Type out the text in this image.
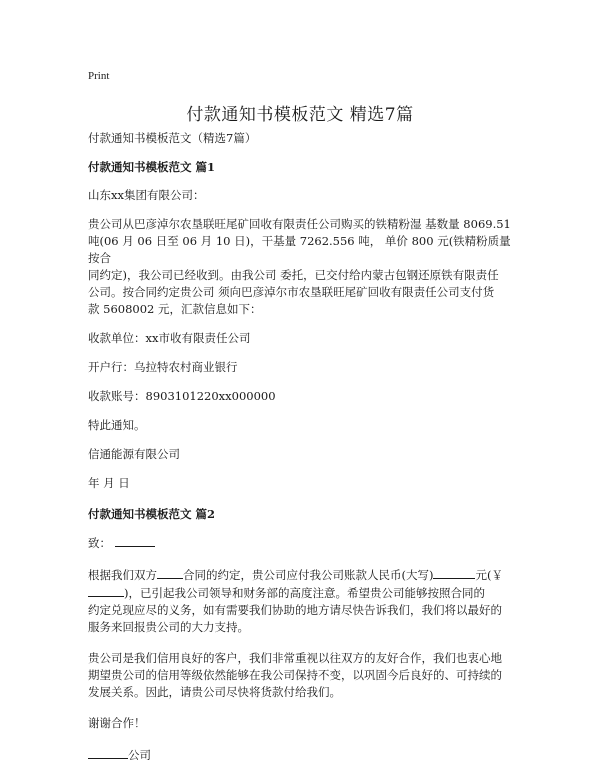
Print
付款通知书模板范文 精选7篇

付款通知书模板范文（精选7篇）

付款通知书模板范文 篇1

山东xx集团有限公司：

贵公司从巴彦淖尔农垦联旺尾矿回收有限责任公司购买的铁精粉湿 基数量 8069.51

吨(06 月 06 日至 06 月 10 日)，干基量 7262.556 吨， 单价 800 元(铁精粉质量按合

同约定)，我公司已经收到。由我公司 委托，已交付给内蒙古包钢还原铁有限责任

公司。按合同约定贵公司 须向巴彦淖尔市农垦联旺尾矿回收有限责任公司支付货

款 5608002 元，汇款信息如下：

收款单位：xx市收有限责任公司

开户行：乌拉特农村商业银行

收款账号：8903101220xx000000

特此通知。

信通能源有限公司

年 月 日

付款通知书模板范文 篇2

致：

根据我们双方 合同的约定，贵公司应付我公司账款人民币(大写)	元(￥

)，已引起我公司领导和财务部的高度注意。希望贵公司能够按照合同的

约定兑现应尽的义务，如有需要我们协助的地方请尽快告诉我们，我们将以最好的

服务来回报贵公司的大力支持。

贵公司是我们信用良好的客户，我们非常重视以往双方的友好合作，我们也衷心地

期望贵公司的信用等级依然能够在我公司保持不变，以巩固今后良好的、可持续的

发展关系。因此，请贵公司尽快将货款付给我们。

谢谢合作！

公司
